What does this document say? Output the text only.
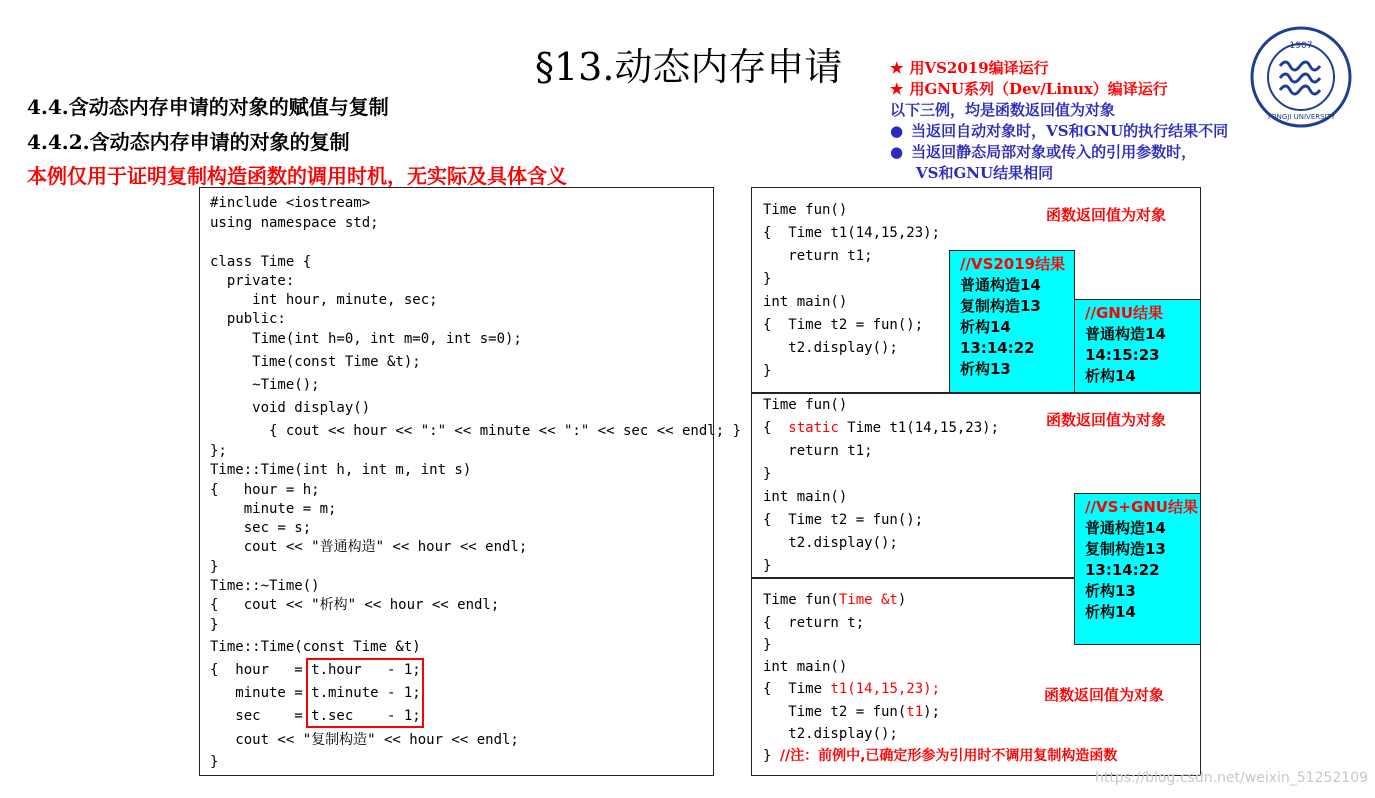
§13.动态内存申请
4.4.含动态内存申请的对象的赋值与复制
4.4.2.含动态内存申请的对象的复制
本例仅用于证明复制构造函数的调用时机，无实际及具体含义
★ 用VS2019编译运行
★ 用GNU系列（Dev/Linux）编译运行
以下三例，均是函数返回值为对象
● 当返回自动对象时，VS和GNU的执行结果不同
● 当返回静态局部对象或传入的引用参数时，
VS和GNU结果相同
1907
TONGJI UNIVERSITY

#include <iostream>

using namespace std;

class Time {

private:

int hour, minute, sec;

public:

Time(int h=0, int m=0, int s=0);

Time(const Time &t);

~Time();

void display()

{ cout << hour << ":" << minute << ":" << sec << endl; }

};

Time::Time(int h, int m, int s)

{   hour = h;

minute = m;

sec = s;

cout << "普通构造" << hour << endl;

}

Time::~Time()

{   cout << "析构" << hour << endl;

}

Time::Time(const Time &t)

{  hour   = t.hour   - 1;

minute = t.minute - 1;

sec    = t.sec    - 1;

cout << "复制构造" << hour << endl;

}

Time fun()

{  Time t1(14,15,23);

return t1;

}

int main()

{  Time t2 = fun();

t2.display();

}

函数返回值为对象

//VS2019结果
普通构造14
复制构造13
析构14
13:14:22
析构13

//GNU结果
普通构造14
14:15:23
析构14

Time fun()

{  static Time t1(14,15,23);

return t1;

}

int main()

{  Time t2 = fun();

t2.display();

}

函数返回值为对象

//VS+GNU结果
普通构造14
复制构造13
13:14:22
析构13
析构14

Time fun(Time &t)

{  return t;

}

int main()

{  Time t1(14,15,23);

Time t2 = fun(t1);

t2.display();

} //注：前例中,已确定形参为引用时不调用复制构造函数

函数返回值为对象

https://blog.csdn.net/weixin_51252109
